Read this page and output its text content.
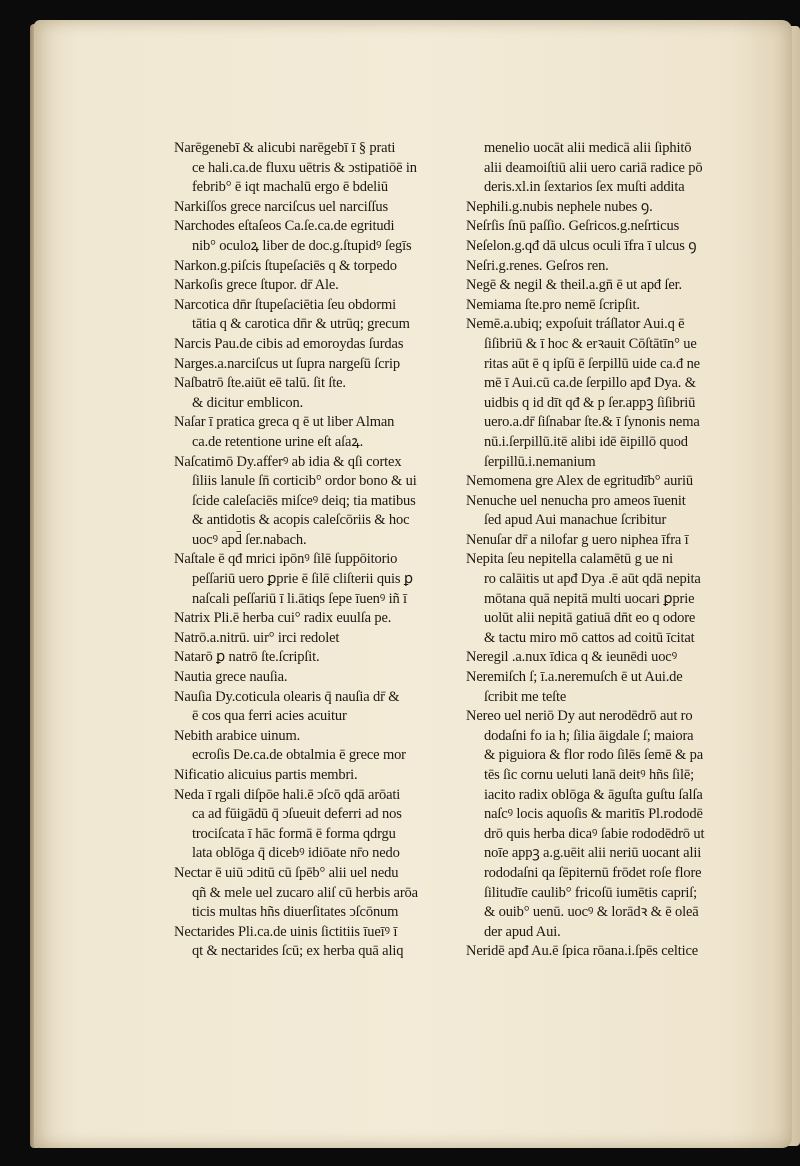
Narēgenebī & alicubi narēgebī ī § prati
ce hali.ca.de fluxu uētris & ↄstipatiōē in
febrib° ē iqt machalū ergo ē bdeliū
Narkiſſos grece narciſcus uel narciſſus
Narchodes eſtaſeos Ca.ſe.ca.de egritudi
nib° oculoꝝ liber de doc.g.ſtupidꝰ ſegīs
Narkon.g.piſcis ſtupeſaciēs q & torpedo
Narkoſis grece ſtupor. dr̄ Ale.
Narcotica dn̄r ſtupeſaciētia ſeu obdormi
tātia q & carotica dn̄r & utrūq; grecum
Narcis Pau.de cibis ad emoroydas ſurdas
Narges.a.narciſcus ut ſupra nargeſū ſcrip
Naſbatrō ſte.aiūt eē talū. ſit ſte.
& dicitur emblicon.
Naſar ī pratica greca q ē ut liber Alman
ca.de retentione urine eſt aſaꝝ.
Naſcatimō Dy.afferꝰ ab idia & qſi cortex
ſiliis lanule ſn̄ corticib° ordor bono & ui
ſcide caleſaciēs miſceꝰ deiq; tia matibus
& antidotis & acopis caleſcōriis & hoc
uocꝰ apd̄ ſer.nabach.
Naſtale ē qđ mrici ipōnꝰ ſilē ſuppōitorio
peſſariū uero ꝑprie ē ſilē cliſterii quis ꝑ
naſcali peſſariū ī li.ātiqs ſepe īuenꝰ iñ ī
Natrix Pli.ē herba cui° radix euulſa pe.
Natrō.a.nitrū. uir° irci redolet
Natarō ꝑ natrō ſte.ſcripſit.
Nautia grece nauſia.
Nauſia Dy.coticula olearis q̄ nauſia dr̄ &
ē cos qua ferri acies acuitur
Nebith arabice uinum.
ecroſis De.ca.de obtalmia ē grece mor
Nificatio alicuius partis membri.
Neda ī rgali diſpōe hali.ē ↄſcō qdā arōati
ca ad fūigādū q̄ ↄſueuit deferri ad nos
trociſcata ī hāc formā ē forma qdrgu
lata oblōga q̄ dicebꝰ idiōate nr̄o nedo
Nectar ē uiū ↄditū cū ſpēb° alii uel nedu
qñ & mele uel zucaro aliſ cū herbis arōa
ticis multas hñs diuerſitates ↄſcōnum
Nectarides Pli.ca.de uinis ſictitiis īueīꝰ ī
qt & nectarides ſcū; ex herba quā aliq
menelio uocāt alii medicā alii ſiphitō
alii deamoiſtiū alii uero cariā radice pō
deris.xl.in ſextarios ſex muſti addita
Nephili.g.nubis nephele nubes ꝯ.
Neſrſis ſnū paſſio. Geſricos.g.neſrticus
Neſelon.g.qđ dā ulcus oculi īfra ī ulcus ꝯ
Neſri.g.renes. Geſros ren.
Negē & negil & theil.a.gn̄ ē ut apđ ſer.
Nemiama ſte.pro nemē ſcripſit.
Nemē.a.ubiq; expoſuit tráſlator Aui.q ē
ſiſibriū & ī hoc & erꝛauit Cōſtātīn° ue
ritas aūt ē q ipſū ē ſerpillū uide ca.đ ne
mē ī Aui.cū ca.de ſerpillo apđ Dya. &
uidbis q id dīt qđ & p ſer.appꝫ ſiſibriū
uero.a.dr̄ ſiſnabar ſte.& ī ſynonis nema
nū.i.ſerpillū.itē alibi idē ēipillō quod
ſerpillū.i.nemanium
Nemomena gre Alex de egritudīb° auriū
Nenuche uel nenucha pro ameos īuenit
ſed apud Aui manachue ſcribitur
Nenuſar dr̄ a nilofar g uero niphea īfra ī
Nepita ſeu nepitella calamētū g ue ni
ro calāitis ut apđ Dya .ē aūt qdā nepita
mōtana quā nepitā multi uocari ꝑprie
uolūt alii nepitā gatiuā dn̄t eo q odore
& tactu miro mō cattos ad coitū īcitat
Neregil .a.nux īdica q & ieunēdi uocꝰ
Neremiſch ſ; ī.a.neremuſch ē ut Aui.de
ſcribit me teſte
Nereo uel neriō Dy aut nerodēdrō aut ro
dodaſni fo ia h; ſilia āigdale ſ; maiora
& piguiora & flor rodo ſilēs ſemē & pa
tēs ſic cornu ueluti lanā deitꝰ hñs ſilē;
iacito radix oblōga & āguſta guſtu ſalſa
naſcꝰ locis aquoſis & maritīs Pl.rododē
drō quis herba dicaꝰ ſabie rododēdrō ut
noīe appꝫ a.g.uēit alii neriū uocant alii
rododaſni qa ſēpiternū frōdet roſe flore
ſilitudīe caulib° fricoſū iumētis capriſ;
& ouib° uenū. uocꝰ & lorādꝛ & ē oleā
der apud Aui.
Neridē apđ Au.ē ſpica rōana.i.ſpēs celtice
